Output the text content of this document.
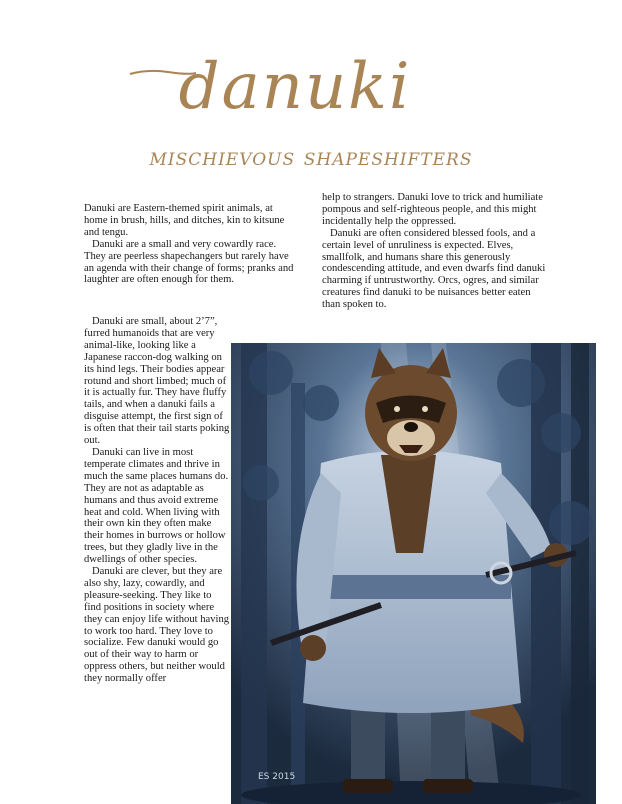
danuki
mischievous shapeshifters

Danuki are Eastern-themed spirit animals, at home in brush, hills, and ditches, kin to kitsune and tengu.

Danuki are a small and very cowardly race. They are peerless shapechangers but rarely have an agenda with their change of forms; pranks and laughter are often enough for them.

Danuki are small, about 2’7”, furred humanoids that are very animal-like, looking like a Japanese raccon-dog walking on its hind legs. Their bodies appear rotund and short limbed; much of it is actually fur. They have fluffy tails, and when a danuki fails a disguise attempt, the first sign of is often that their tail starts poking out.

Danuki can live in most temperate climates and thrive in much the same places humans do. They are not as adaptable as humans and thus avoid extreme heat and cold. When living with their own kin they often make their homes in burrows or hollow trees, but they gladly live in the dwellings of other species.

Danuki are clever, but they are also shy, lazy, cowardly, and pleasure-seeking. They like to find positions in society where they can enjoy life without having to work too hard. They love to socialize. Few danuki would go out of their way to harm or oppress others, but neither would they normally offer

help to strangers. Danuki love to trick and humiliate pompous and self-righteous people, and this might incidentally help the oppressed.

Danuki are often considered blessed fools, and a certain level of unruliness is expected. Elves, smallfolk, and humans share this generously condescending attitude, and even dwarfs find danuki charming if untrustworthy. Orcs, ogres, and similar creatures find danuki to be nuisances better eaten than spoken to.

ES 2015
